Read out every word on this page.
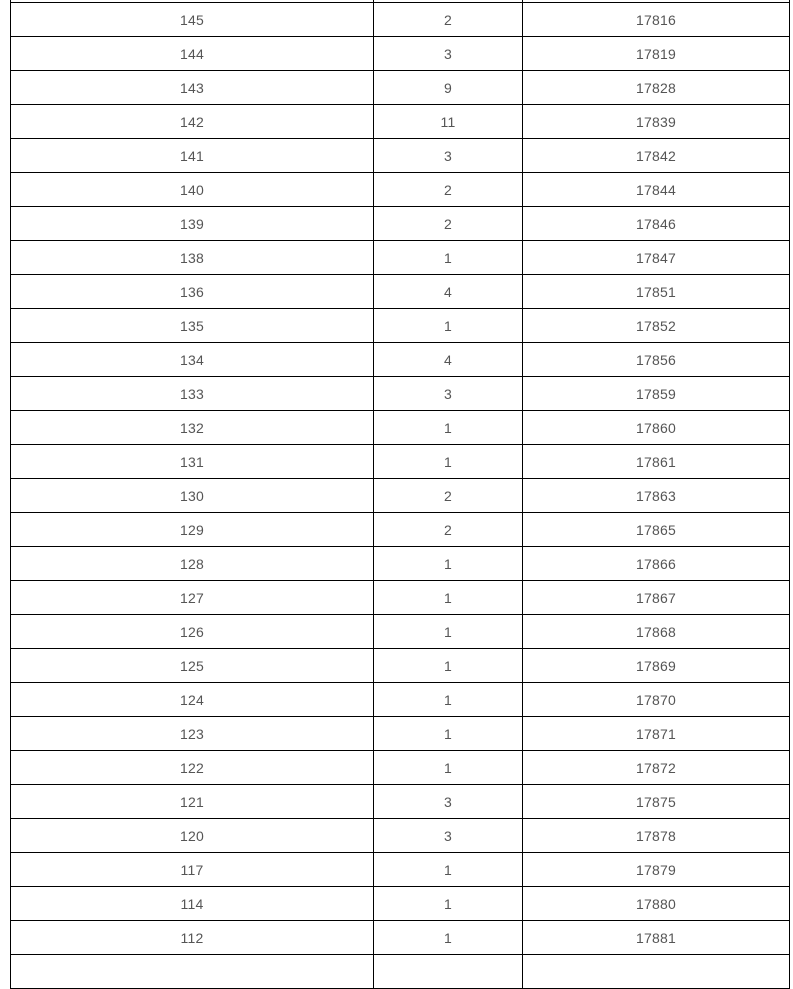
145	2	17816
144	3	17819
143	9	17828
142	11	17839
141	3	17842
140	2	17844
139	2	17846
138	1	17847
136	4	17851
135	1	17852
134	4	17856
133	3	17859
132	1	17860
131	1	17861
130	2	17863
129	2	17865
128	1	17866
127	1	17867
126	1	17868
125	1	17869
124	1	17870
123	1	17871
122	1	17872
121	3	17875
120	3	17878
117	1	17879
114	1	17880
112	1	17881
